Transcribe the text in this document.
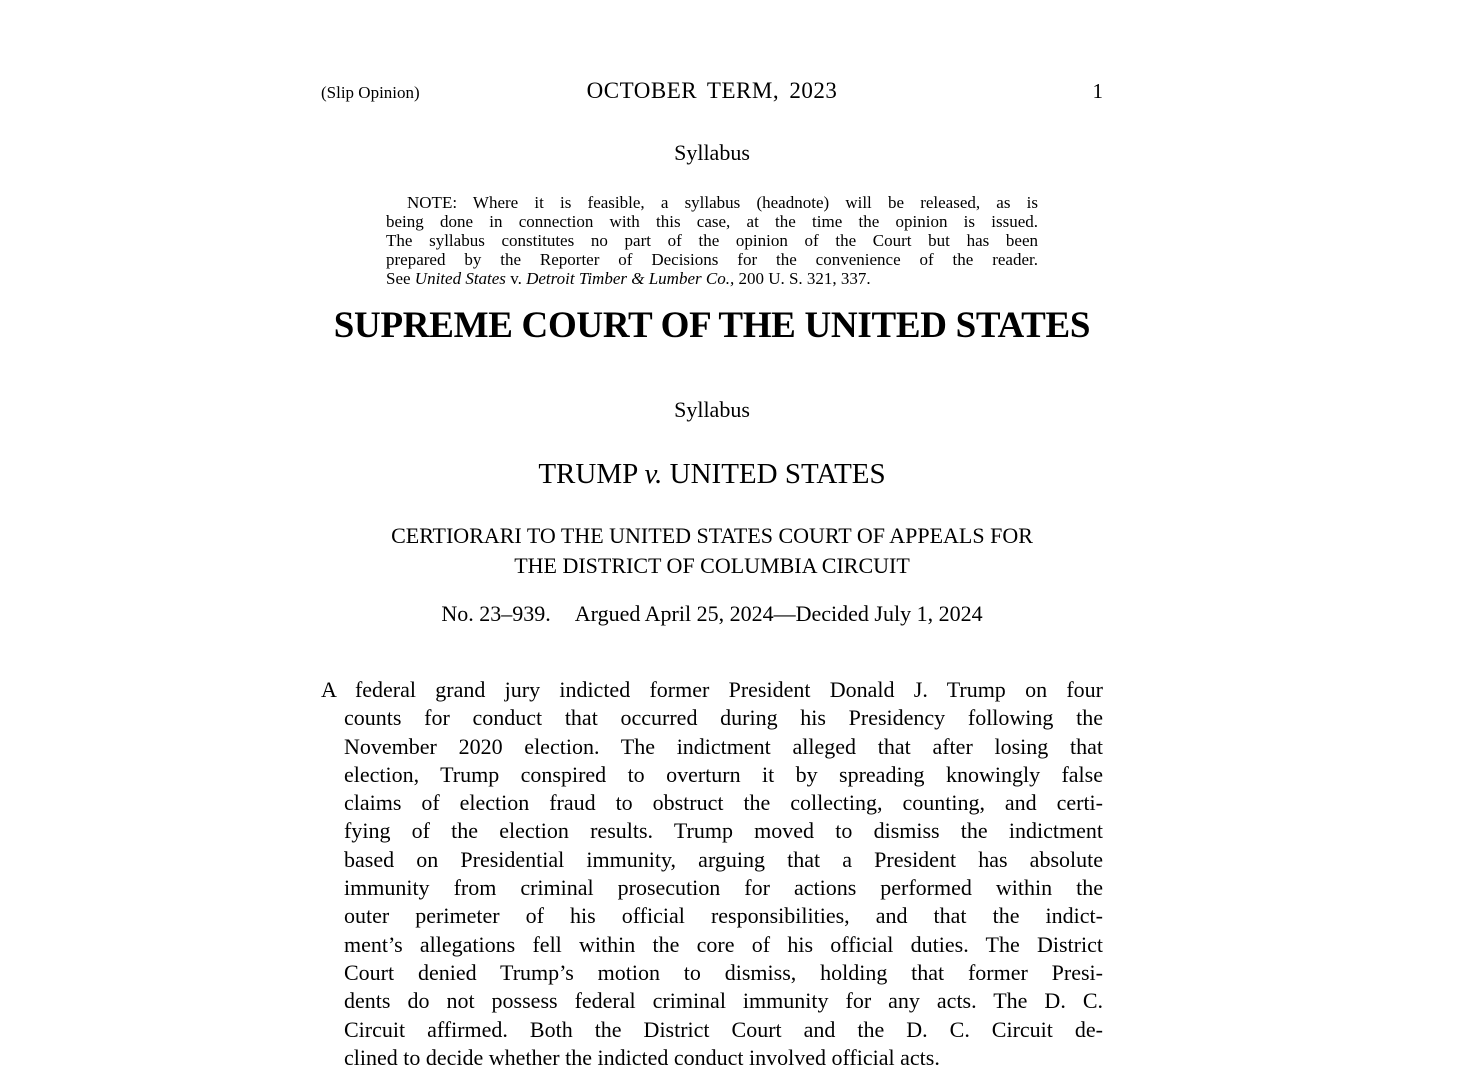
(Slip Opinion)	OCTOBER TERM, 2023	1
Syllabus
NOTE: Where it is feasible, a syllabus (headnote) will be released, as is
being done in connection with this case, at the time the opinion is issued.
The syllabus constitutes no part of the opinion of the Court but has been
prepared by the Reporter of Decisions for the convenience of the reader.
See United States v. Detroit Timber & Lumber Co., 200 U. S. 321, 337.
SUPREME COURT OF THE UNITED STATES
Syllabus
TRUMP v. UNITED STATES
CERTIORARI TO THE UNITED STATES COURT OF APPEALS FOR
THE DISTRICT OF COLUMBIA CIRCUIT
No. 23–939. Argued April 25, 2024—Decided July 1, 2024
A federal grand jury indicted former President Donald J. Trump on four
counts for conduct that occurred during his Presidency following the
November 2020 election. The indictment alleged that after losing that
election, Trump conspired to overturn it by spreading knowingly false
claims of election fraud to obstruct the collecting, counting, and certi-
fying of the election results. Trump moved to dismiss the indictment
based on Presidential immunity, arguing that a President has absolute
immunity from criminal prosecution for actions performed within the
outer perimeter of his official responsibilities, and that the indict-
ment’s allegations fell within the core of his official duties. The District
Court denied Trump’s motion to dismiss, holding that former Presi-
dents do not possess federal criminal immunity for any acts. The D. C.
Circuit affirmed. Both the District Court and the D. C. Circuit de-
clined to decide whether the indicted conduct involved official acts.
